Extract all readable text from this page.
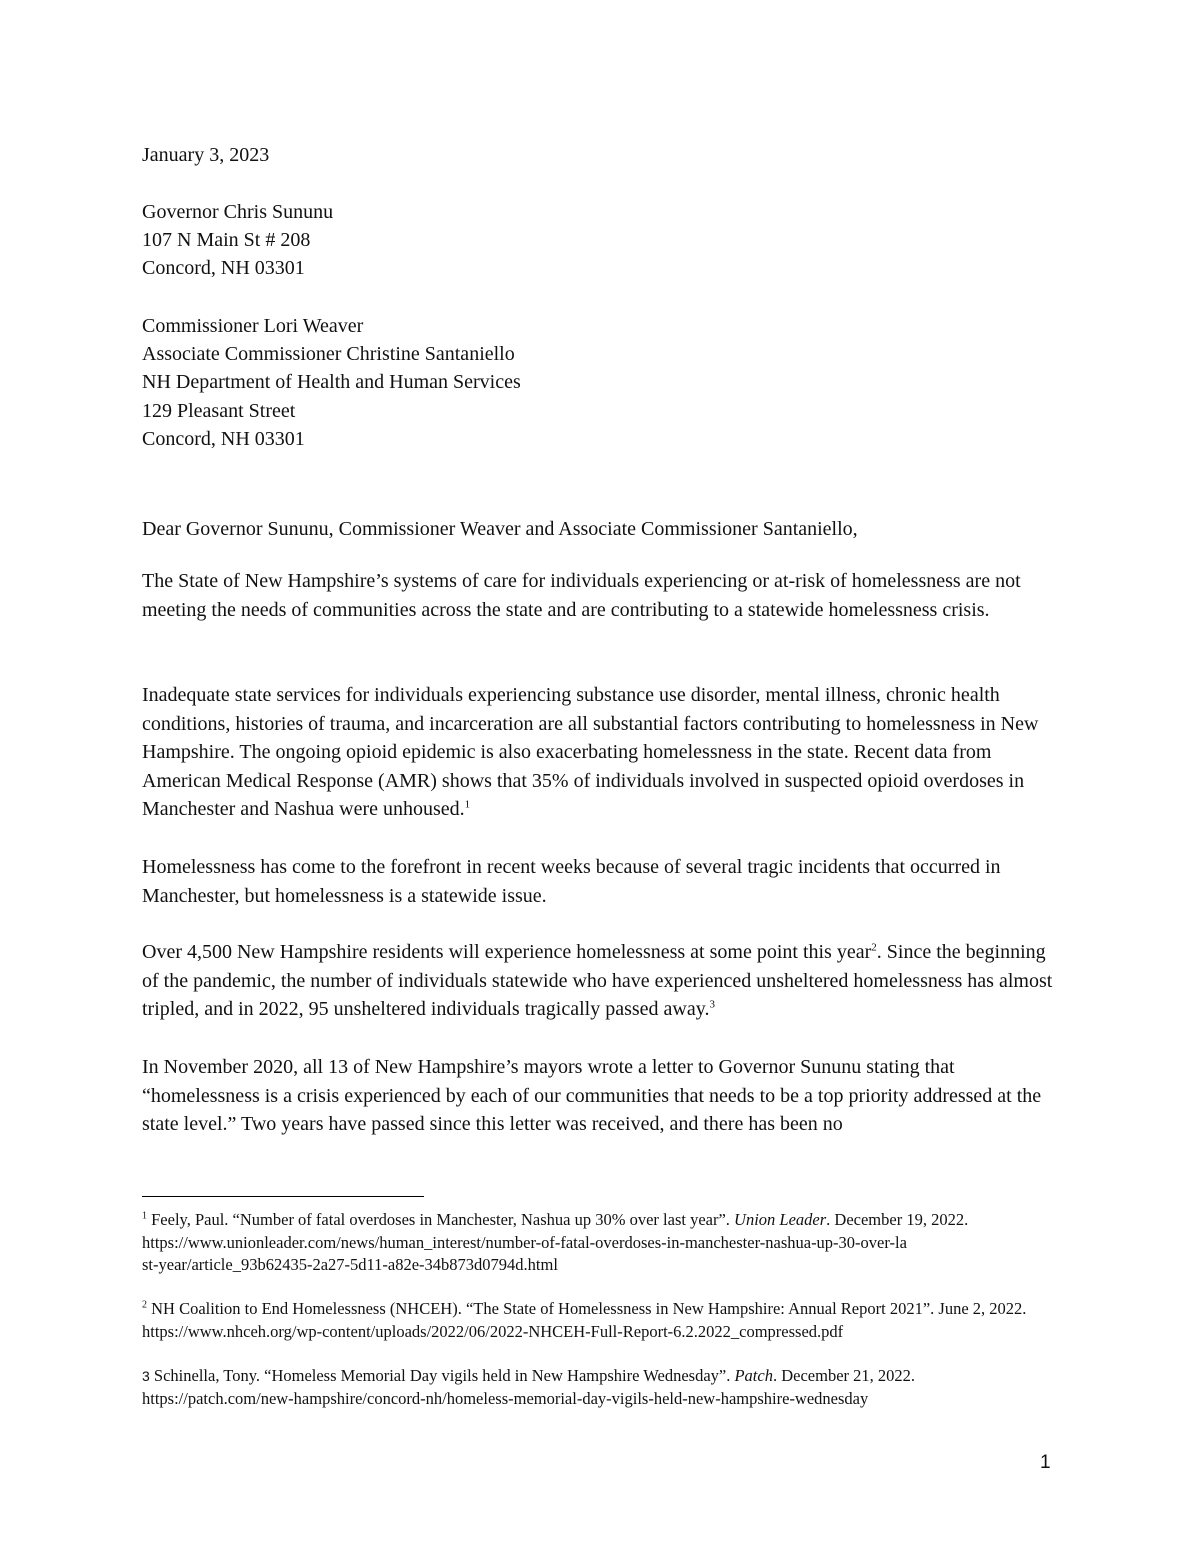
January 3, 2023
Governor Chris Sununu
107 N Main St # 208
Concord, NH 03301
Commissioner Lori Weaver
Associate Commissioner Christine Santaniello
NH Department of Health and Human Services
129 Pleasant Street
Concord, NH 03301
Dear Governor Sununu, Commissioner Weaver and Associate Commissioner Santaniello,

The State of New Hampshire’s systems of care for individuals experiencing or at-risk of homelessness are not meeting the needs of communities across the state and are contributing to a statewide homelessness crisis.

Inadequate state services for individuals experiencing substance use disorder, mental illness, chronic health conditions, histories of trauma, and incarceration are all substantial factors contributing to homelessness in New Hampshire. The ongoing opioid epidemic is also exacerbating homelessness in the state. Recent data from American Medical Response (AMR) shows that 35% of individuals involved in suspected opioid overdoses in Manchester and Nashua were unhoused.$^1$

Homelessness has come to the forefront in recent weeks because of several tragic incidents that occurred in Manchester, but homelessness is a statewide issue.

Over 4,500 New Hampshire residents will experience homelessness at some point this year$^2$. Since the beginning of the pandemic, the number of individuals statewide who have experienced unsheltered homelessness has almost tripled, and in 2022, 95 unsheltered individuals tragically passed away.$^3$

In November 2020, all 13 of New Hampshire’s mayors wrote a letter to Governor Sununu stating that “homelessness is a crisis experienced by each of our communities that needs to be a top priority addressed at the state level.” Two years have passed since this letter was received, and there has been no

$^1$ Feely, Paul. “Number of fatal overdoses in Manchester, Nashua up 30% over last year”. Union Leader. December 19, 2022.
https://www.unionleader.com/news/human_interest/number-of-fatal-overdoses-in-manchester-nashua-up-30-over-la
st-year/article_93b62435-2a27-5d11-a82e-34b873d0794d.html

$^2$ NH Coalition to End Homelessness (NHCEH). “The State of Homelessness in New Hampshire: Annual Report 2021”. June 2, 2022.
https://www.nhceh.org/wp-content/uploads/2022/06/2022-NHCEH-Full-Report-6.2.2022_compressed.pdf

3 Schinella, Tony. “Homeless Memorial Day vigils held in New Hampshire Wednesday”. Patch. December 21, 2022. https://patch.com/new-hampshire/concord-nh/homeless-memorial-day-vigils-held-new-hampshire-wednesday

1
